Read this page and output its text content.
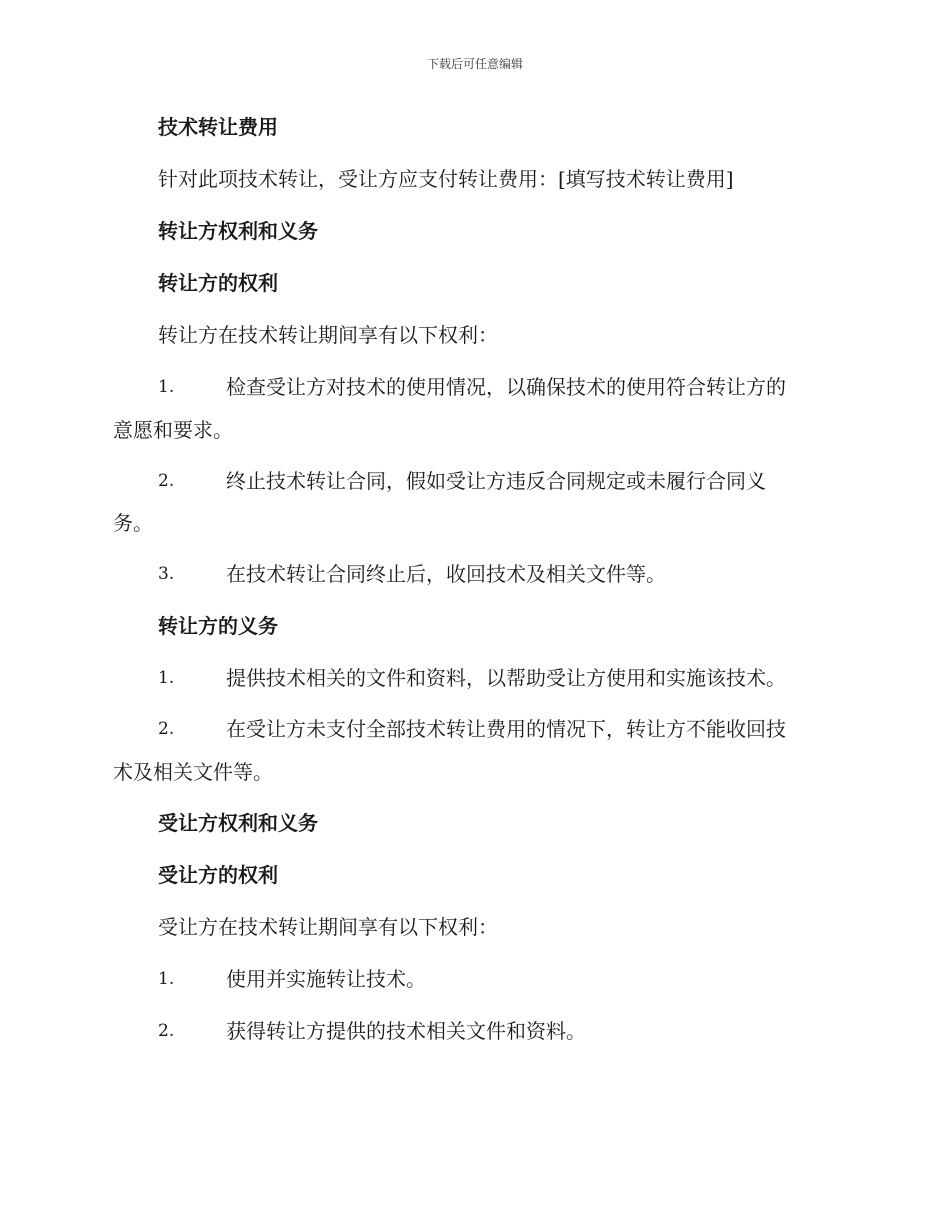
下载后可任意编辑
技术转让费用
针对此项技术转让，受让方应支付转让费用：[填写技术转让费用]
转让方权利和义务
转让方的权利
转让方在技术转让期间享有以下权利：
1.	检查受让方对技术的使用情况，以确保技术的使用符合转让方的
意愿和要求。
2.	终止技术转让合同，假如受让方违反合同规定或未履行合同义
务。
3.	在技术转让合同终止后，收回技术及相关文件等。
转让方的义务
1.	提供技术相关的文件和资料，以帮助受让方使用和实施该技术。
2.	在受让方未支付全部技术转让费用的情况下，转让方不能收回技
术及相关文件等。
受让方权利和义务
受让方的权利
受让方在技术转让期间享有以下权利：
1.	使用并实施转让技术。
2.	获得转让方提供的技术相关文件和资料。
